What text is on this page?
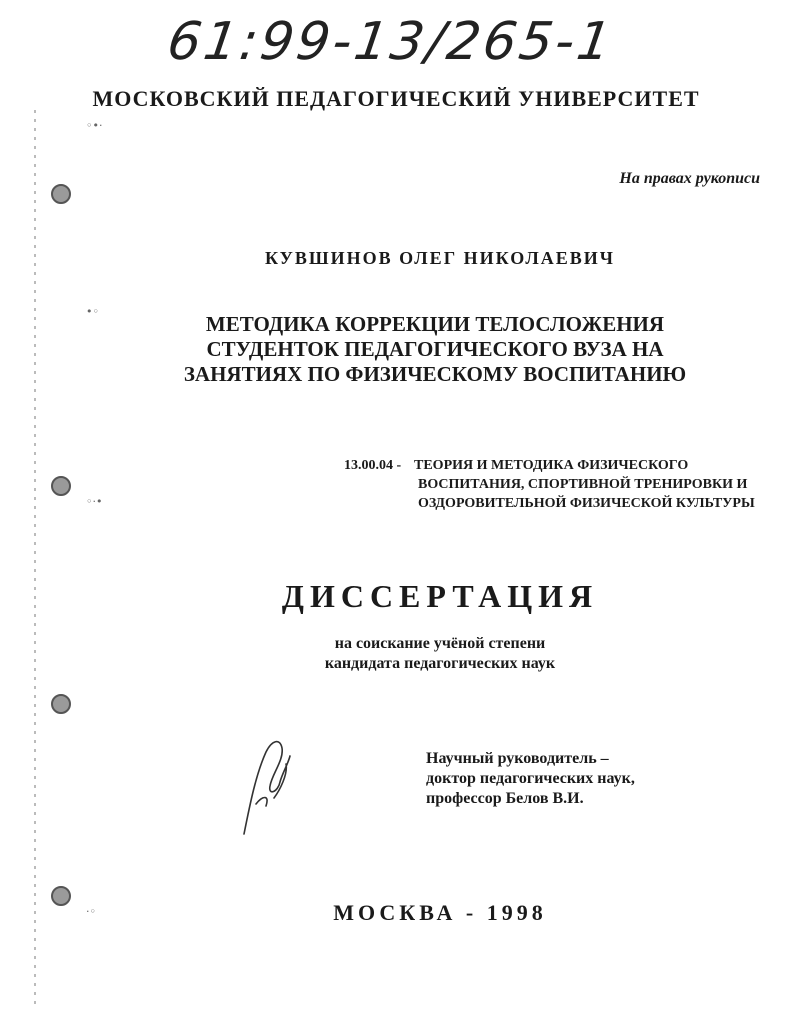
◦•·
•◦
◦·•
·◦
61:99-13/265-1
МОСКОВСКИЙ ПЕДАГОГИЧЕСКИЙ УНИВЕРСИТЕТ
На правах рукописи
КУВШИНОВ ОЛЕГ НИКОЛАЕВИЧ
МЕТОДИКА КОРРЕКЦИИ ТЕЛОСЛОЖЕНИЯ
СТУДЕНТОК ПЕДАГОГИЧЕСКОГО ВУЗА НА
ЗАНЯТИЯХ ПО ФИЗИЧЕСКОМУ ВОСПИТАНИЮ
13.00.04 - ТЕОРИЯ И МЕТОДИКА ФИЗИЧЕСКОГО
ВОСПИТАНИЯ, СПОРТИВНОЙ ТРЕНИРОВКИ И
ОЗДОРОВИТЕЛЬНОЙ ФИЗИЧЕСКОЙ КУЛЬТУРЫ
ДИССЕРТАЦИЯ
на соискание учёной степени
кандидата педагогических наук
Научный руководитель –
доктор педагогических наук,
профессор Белов В.И.
МОСКВА - 1998
